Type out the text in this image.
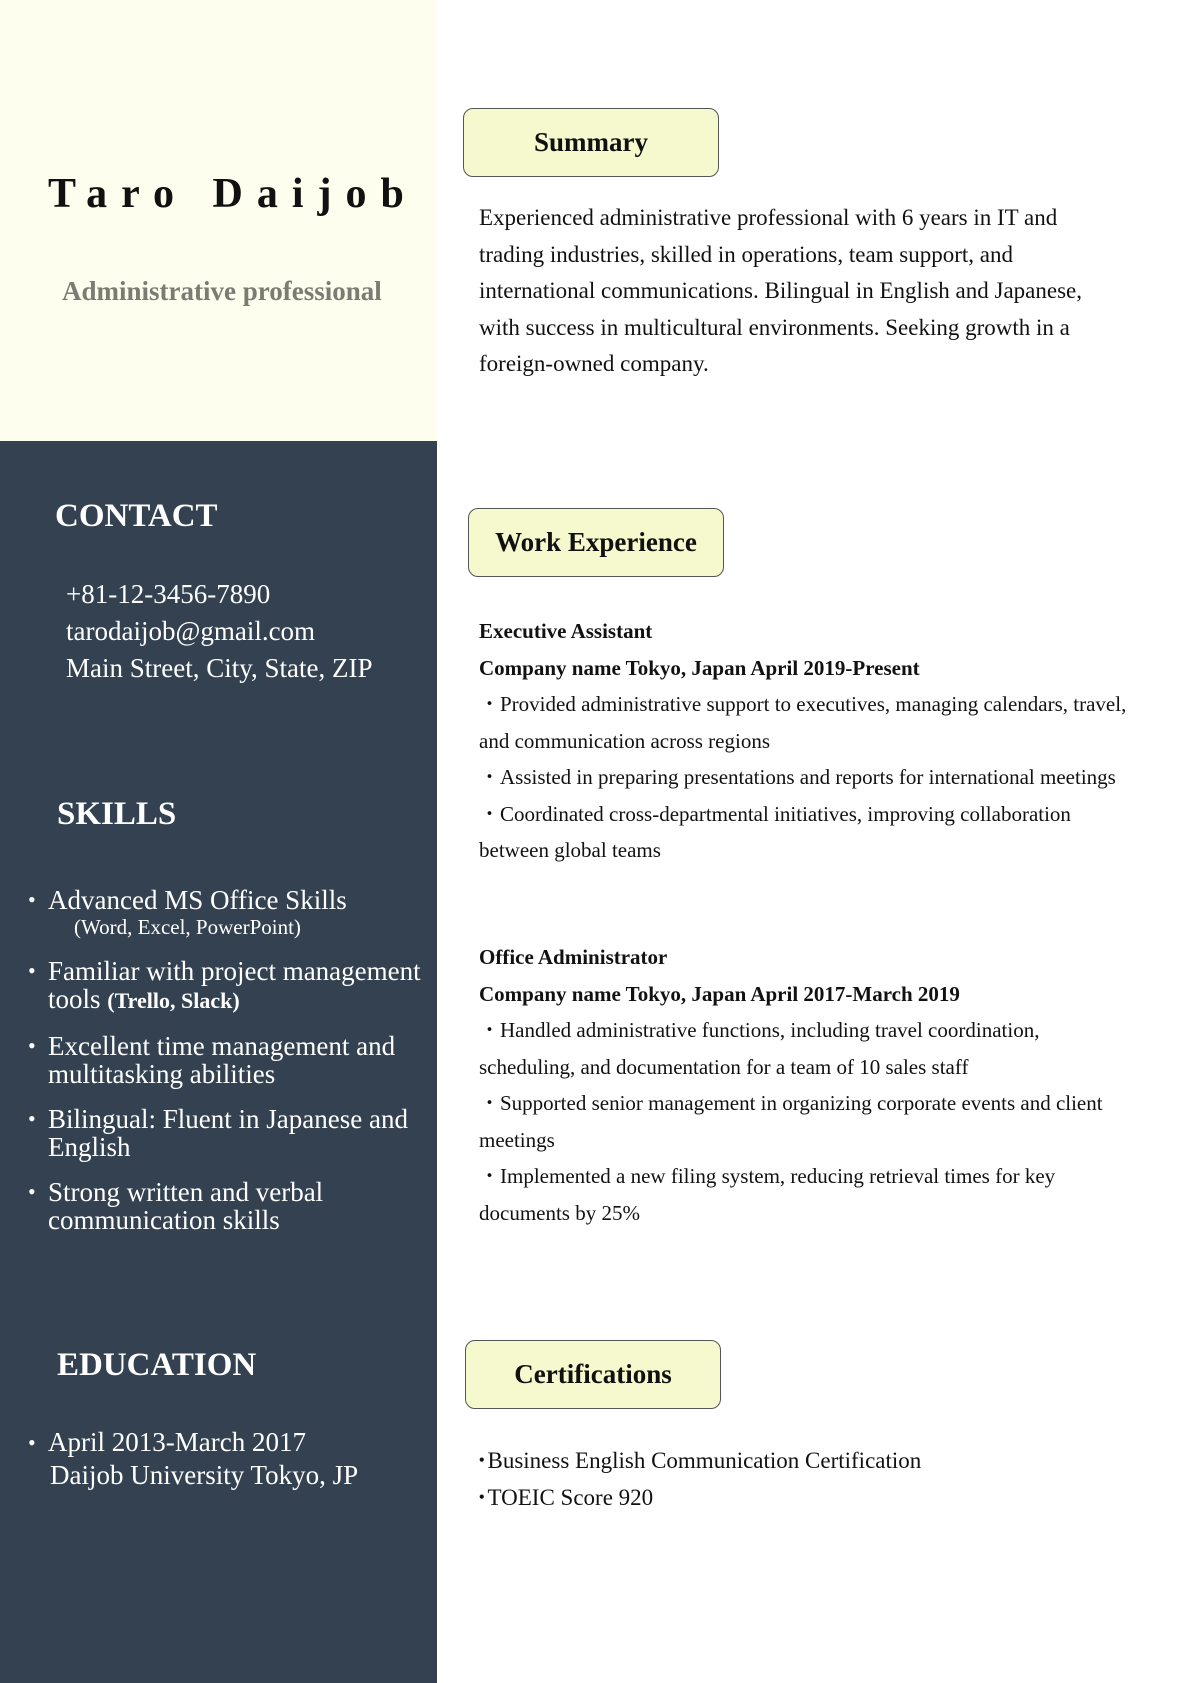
Taro Daijob
Administrative professional
CONTACT
+81-12-3456-7890
tarodaijob@gmail.com
Main Street, City, State, ZIP
SKILLS
• Advanced MS Office Skills
(Word, Excel, PowerPoint)
• Familiar with project management tools (Trello, Slack)
• Excellent time management and multitasking abilities
• Bilingual: Fluent in Japanese and English
• Strong written and verbal communication skills
EDUCATION
• April 2013-March 2017
Daijob University Tokyo, JP
Summary
Experienced administrative professional with 6 years in IT and trading industries, skilled in operations, team support, and international communications. Bilingual in English and Japanese, with success in multicultural environments. Seeking growth in a foreign-owned company.
Work Experience
Executive Assistant
Company name Tokyo, Japan April 2019-Present
・Provided administrative support to executives, managing calendars, travel, and communication across regions
・Assisted in preparing presentations and reports for international meetings
・Coordinated cross-departmental initiatives, improving collaboration between global teams
Office Administrator
Company name Tokyo, Japan April 2017-March 2019
・Handled administrative functions, including travel coordination, scheduling, and documentation for a team of 10 sales staff
・Supported senior management in organizing corporate events and client meetings
・Implemented a new filing system, reducing retrieval times for key documents by 25%
Certifications
･Business English Communication Certification
･TOEIC Score 920
